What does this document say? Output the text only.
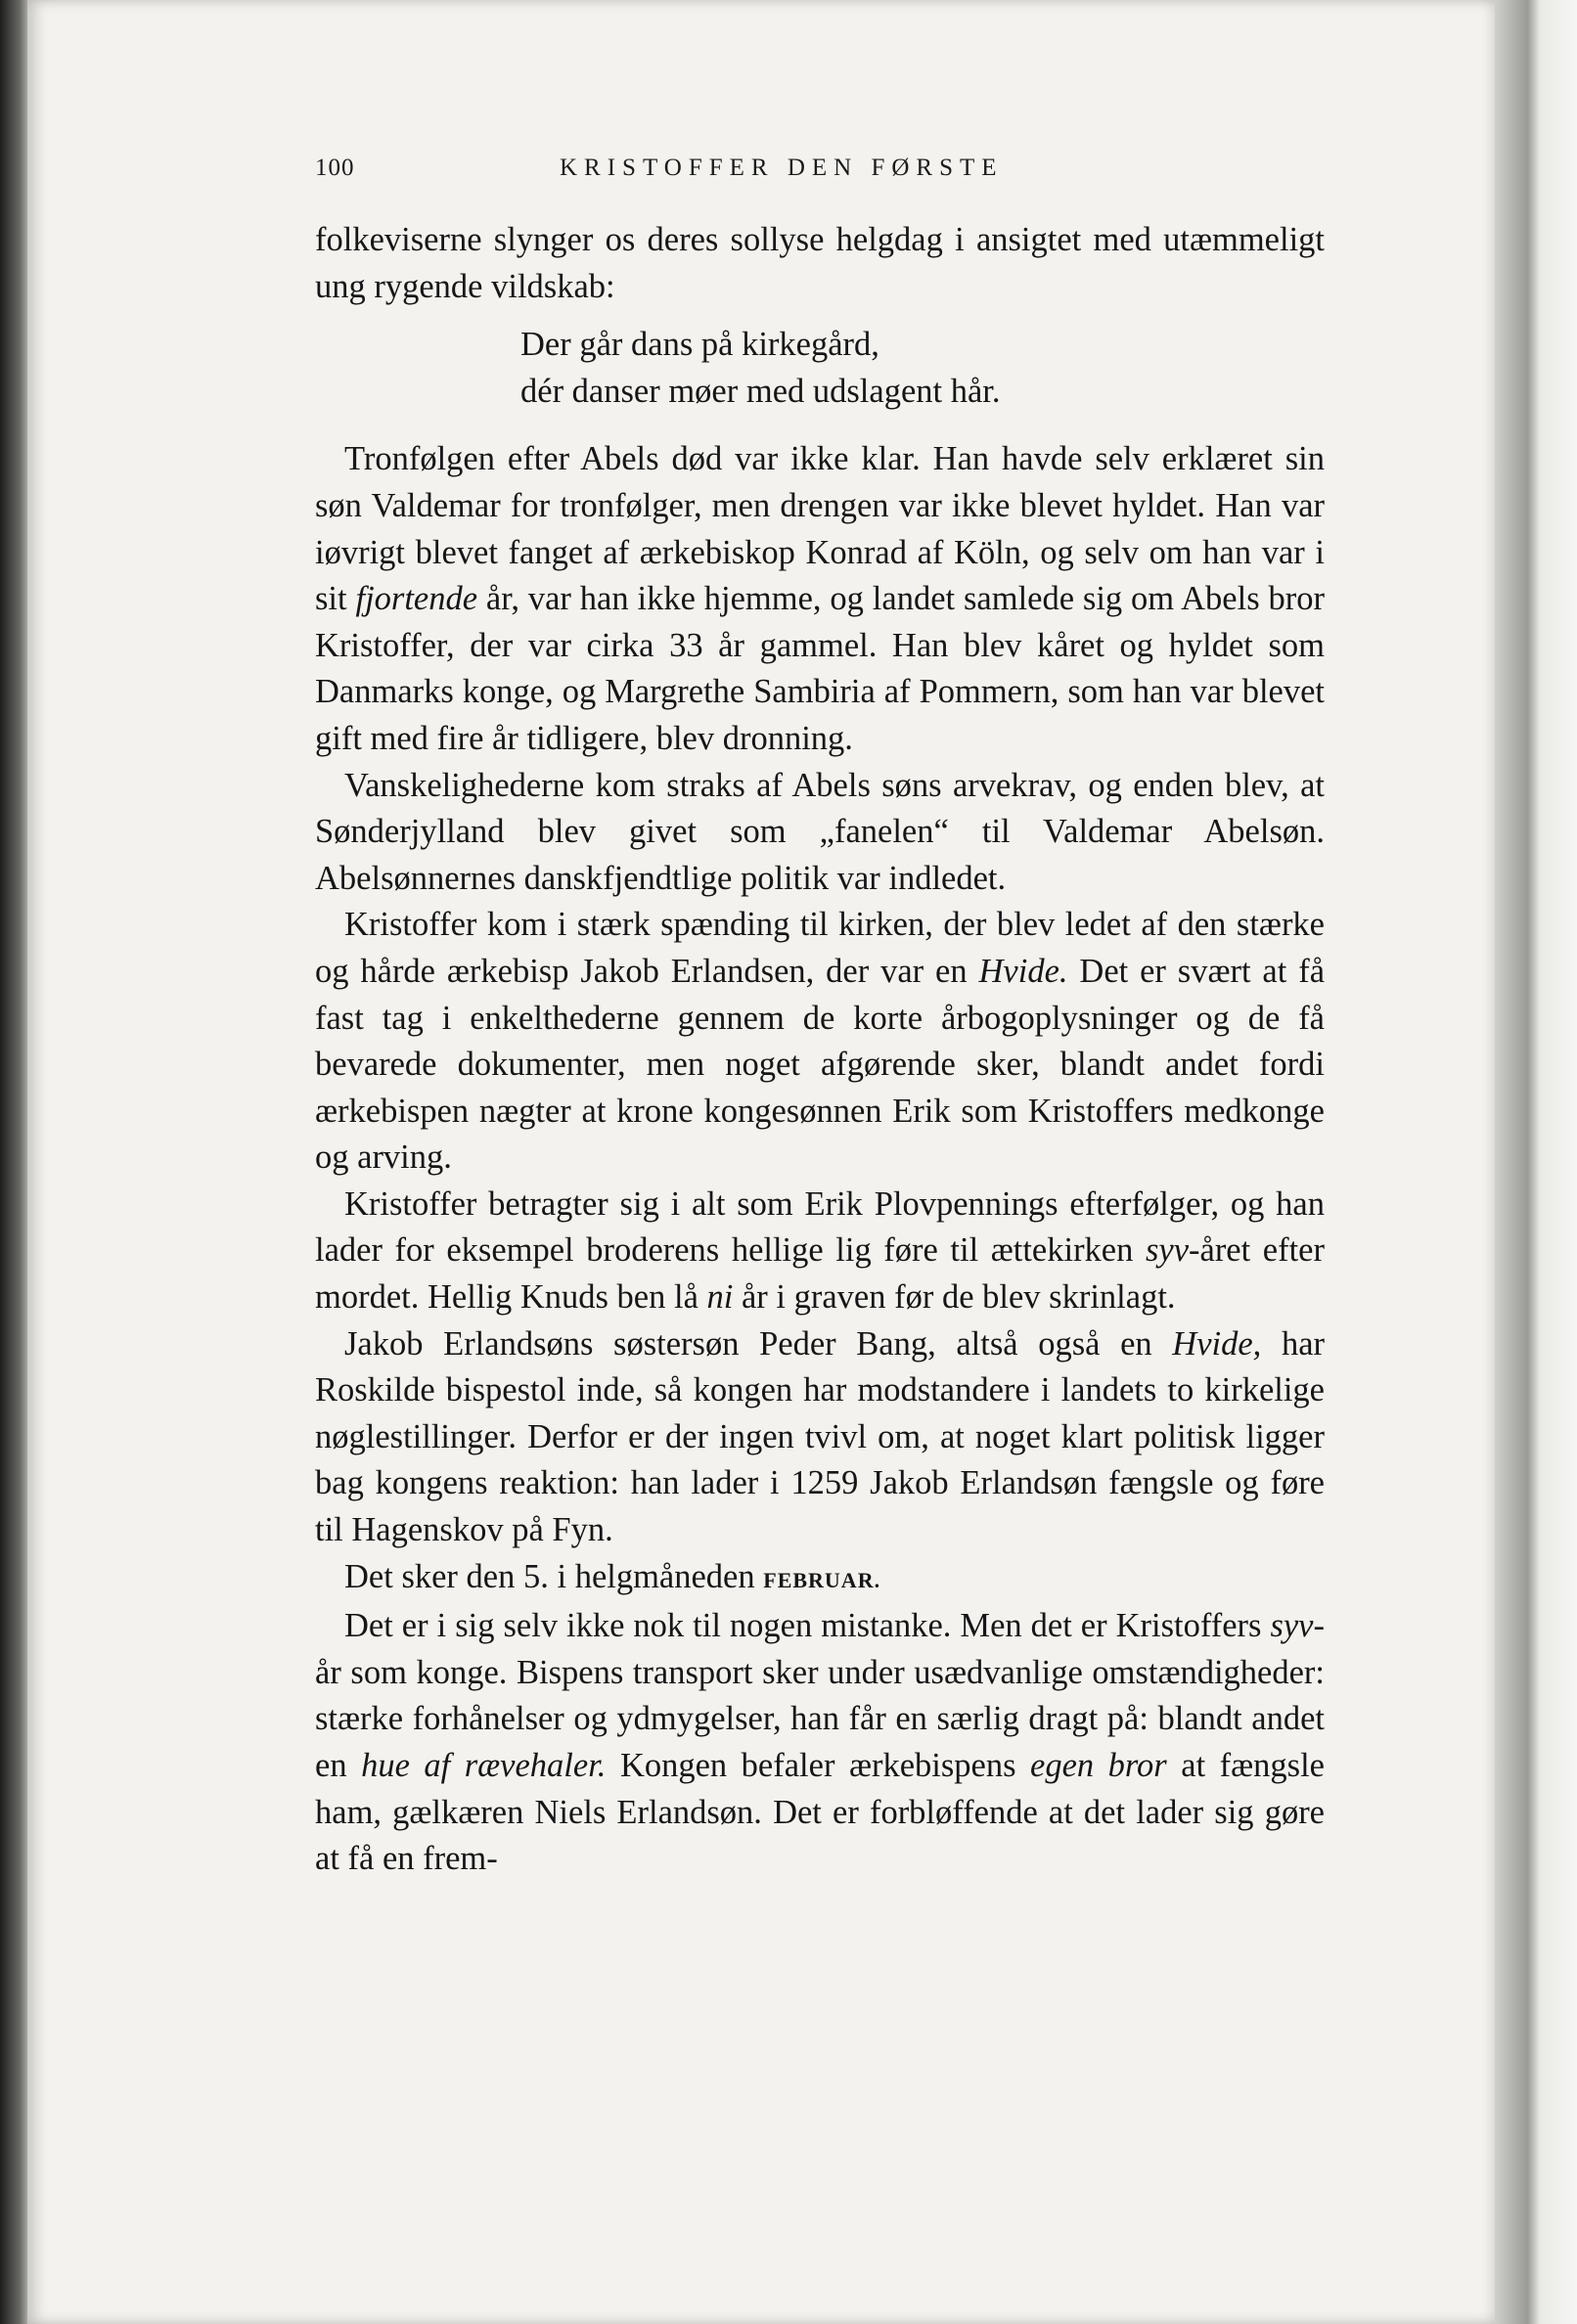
100	KRISTOFFER DEN FØRSTE

folkeviserne slynger os deres sollyse helgdag i ansigtet med utæmmeligt ung rygende vildskab:

Der går dans på kirkegård,
dér danser møer med udslagent hår.

Tronfølgen efter Abels død var ikke klar. Han havde selv erklæret sin søn Valdemar for tronfølger, men drengen var ikke blevet hyldet. Han var iøvrigt blevet fanget af ærkebiskop Konrad af Köln, og selv om han var i sit fjortende år, var han ikke hjemme, og landet samlede sig om Abels bror Kristoffer, der var cirka 33 år gammel. Han blev kåret og hyldet som Danmarks konge, og Margrethe Sambiria af Pommern, som han var blevet gift med fire år tidligere, blev dronning.

Vanskelighederne kom straks af Abels søns arvekrav, og enden blev, at Sønderjylland blev givet som „fanelen“ til Valdemar Abelsøn. Abelsønnernes danskfjendtlige politik var indledet.

Kristoffer kom i stærk spænding til kirken, der blev ledet af den stærke og hårde ærkebisp Jakob Erlandsen, der var en Hvide. Det er svært at få fast tag i enkelthederne gennem de korte årbogoplysninger og de få bevarede dokumenter, men noget afgørende sker, blandt andet fordi ærkebispen nægter at krone kongesønnen Erik som Kristoffers medkonge og arving.

Kristoffer betragter sig i alt som Erik Plovpennings efterfølger, og han lader for eksempel broderens hellige lig føre til ættekirken syv-året efter mordet. Hellig Knuds ben lå ni år i graven før de blev skrinlagt.

Jakob Erlandsøns søstersøn Peder Bang, altså også en Hvide, har Roskilde bispestol inde, så kongen har modstandere i landets to kirkelige nøglestillinger. Derfor er der ingen tvivl om, at noget klart politisk ligger bag kongens reaktion: han lader i 1259 Jakob Erlandsøn fængsle og føre til Hagenskov på Fyn.

Det sker den 5. i helgmåneden FEBRUAR.

Det er i sig selv ikke nok til nogen mistanke. Men det er Kristoffers syv-år som konge. Bispens transport sker under usædvanlige omstændigheder: stærke forhånelser og ydmygelser, han får en særlig dragt på: blandt andet en hue af rævehaler. Kongen befaler ærkebispens egen bror at fængsle ham, gælkæren Niels Erlandsøn. Det er forbløffende at det lader sig gøre at få en frem-
